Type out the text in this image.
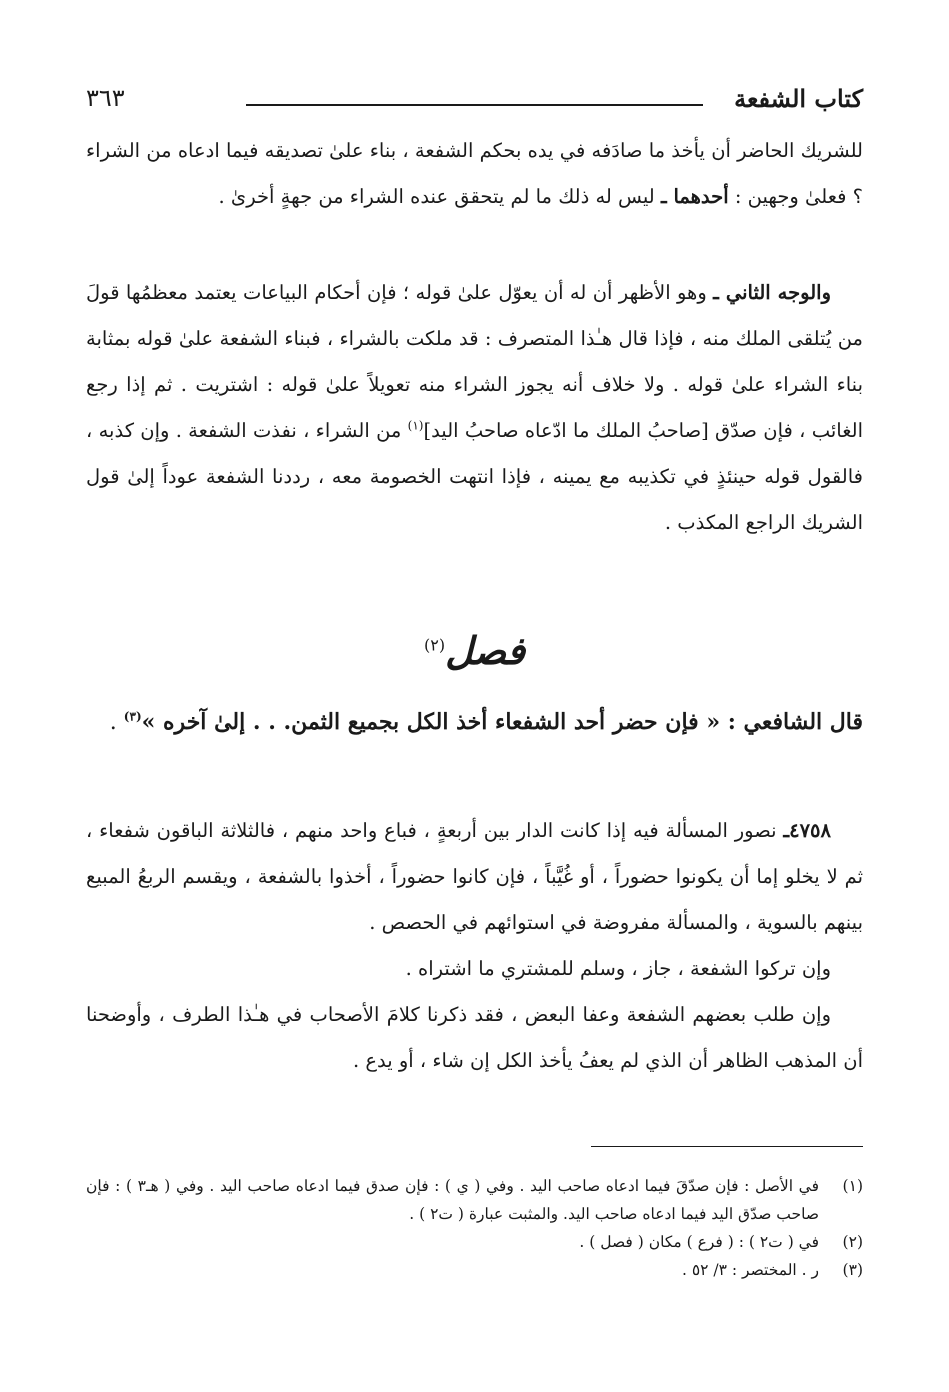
كتاب الشفعة
٣٦٣

للشريك الحاضر أن يأخذ ما صادَفه في يده بحكم الشفعة ، بناء علىٰ تصديقه فيما ادعاه من الشراء ؟ فعلىٰ وجهين : أحدهما ـ ليس له ذلك ما لم يتحقق عنده الشراء من جهةٍ أخرىٰ .

والوجه الثاني ـ وهو الأظهر أن له أن يعوّل علىٰ قوله ؛ فإن أحكام البياعات يعتمد معظمُها قولَ من يُتلقى الملك منه ، فإذا قال هـٰذا المتصرف : قد ملكت بالشراء ، فبناء الشفعة علىٰ قوله بمثابة بناء الشراء علىٰ قوله . ولا خلاف أنه يجوز الشراء منه تعويلاً علىٰ قوله : اشتريت . ثم إذا رجع الغائب ، فإن صدّق [صاحبُ الملك ما ادّعاه صاحبُ اليد]$^{(١)}$ من الشراء ، نفذت الشفعة . وإن كذبه ، فالقول قوله حينئذٍ في تكذيبه مع يمينه ، فإذا انتهت الخصومة معه ، رددنا الشفعة عوداً إلىٰ قول الشريك الراجع المكذب .

فصل$^{(٢)}$
قال الشافعي : « فإن حضر أحد الشفعاء أخذ الكل بجميع الثمن. . . إلىٰ آخره »$^{(٣)}$ .

٤٧٥٨ـ نصور المسألة فيه إذا كانت الدار بين أربعةٍ ، فباع واحد منهم ، فالثلاثة الباقون شفعاء ، ثم لا يخلو إما أن يكونوا حضوراً ، أو غُيَّباً ، فإن كانوا حضوراً ، أخذوا بالشفعة ، ويقسم الربعُ المبيع بينهم بالسوية ، والمسألة مفروضة في استوائهم في الحصص .

وإن تركوا الشفعة ، جاز ، وسلم للمشتري ما اشتراه .

وإن طلب بعضهم الشفعة وعفا البعض ، فقد ذكرنا كلامَ الأصحاب في هـٰذا الطرف ، وأوضحنا أن المذهب الظاهر أن الذي لم يعفُ يأخذ الكل إن شاء ، أو يدع .

(١)
في الأصل : فإن صدّقَ فيما ادعاه صاحب اليد . وفي ( ي ) : فإن صدق فيما ادعاه صاحب اليد . وفي ( هـ٣ ) : فإن صاحب صدّق اليد فيما ادعاه صاحب اليد. والمثبت عبارة ( ت٢ ) .

(٢)
في ( ت٢ ) : ( فرع ) مكان ( فصل ) .

(٣)
ر . المختصر : ٣/ ٥٢ .
